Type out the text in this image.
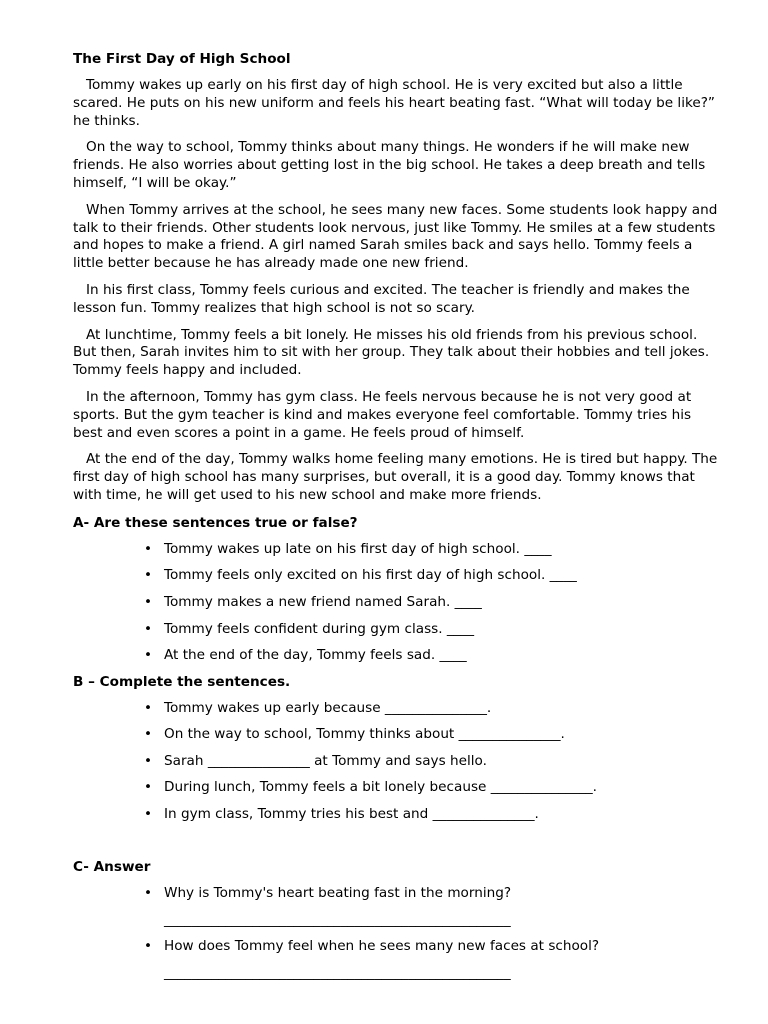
The First Day of High School

Tommy wakes up early on his first day of high school. He is very excited but also a little scared. He puts on his new uniform and feels his heart beating fast. “What will today be like?” he thinks.

On the way to school, Tommy thinks about many things. He wonders if he will make new friends. He also worries about getting lost in the big school. He takes a deep breath and tells himself, “I will be okay.”

When Tommy arrives at the school, he sees many new faces. Some students look happy and talk to their friends. Other students look nervous, just like Tommy. He smiles at a few students and hopes to make a friend. A girl named Sarah smiles back and says hello. Tommy feels a little better because he has already made one new friend.

In his first class, Tommy feels curious and excited. The teacher is friendly and makes the lesson fun. Tommy realizes that high school is not so scary.

At lunchtime, Tommy feels a bit lonely. He misses his old friends from his previous school. But then, Sarah invites him to sit with her group. They talk about their hobbies and tell jokes. Tommy feels happy and included.

In the afternoon, Tommy has gym class. He feels nervous because he is not very good at sports. But the gym teacher is kind and makes everyone feel comfortable. Tommy tries his best and even scores a point in a game. He feels proud of himself.

At the end of the day, Tommy walks home feeling many emotions. He is tired but happy. The first day of high school has many surprises, but overall, it is a good day. Tommy knows that with time, he will get used to his new school and make more friends.

A- Are these sentences true or false?
• Tommy wakes up late on his first day of high school. ____
• Tommy feels only excited on his first day of high school. ____
• Tommy makes a new friend named Sarah. ____
• Tommy feels confident during gym class. ____
• At the end of the day, Tommy feels sad. ____
B – Complete the sentences.
• Tommy wakes up early because _______________.
• On the way to school, Tommy thinks about _______________.
• Sarah _______________ at Tommy and says hello.
• During lunch, Tommy feels a bit lonely because _______________.
• In gym class, Tommy tries his best and _______________.
C- Answer
• Why is Tommy's heart beating fast in the morning?
___________________________________________________
• How does Tommy feel when he sees many new faces at school?
___________________________________________________
